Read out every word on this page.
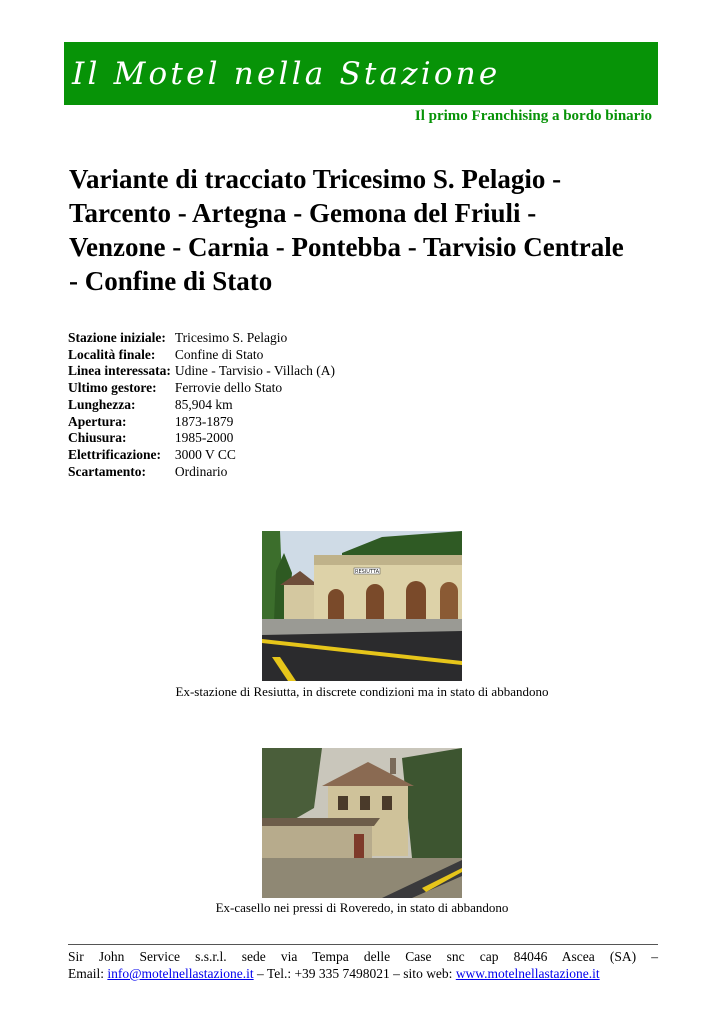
Il Motel nella Stazione
Il primo Franchising a bordo binario
Variante di tracciato Tricesimo S. Pelagio - Tarcento - Artegna - Gemona del Friuli - Venzone - Carnia - Pontebba - Tarvisio Centrale - Confine di Stato
Stazione iniziale:	Tricesimo S. Pelagio
Località finale:	Confine di Stato
Linea interessata:	Udine - Tarvisio - Villach (A)
Ultimo gestore:	Ferrovie dello Stato
Lunghezza:	85,904 km
Apertura:	1873-1879
Chiusura:	1985-2000
Elettrificazione:	3000 V CC
Scartamento:	Ordinario
RESIUTTA
Ex-stazione di Resiutta, in discrete condizioni ma in stato di abbandono
Ex-casello nei pressi di Roveredo, in stato di abbandono
Sir John Service s.s.r.l. sede via Tempa delle Case snc cap 84046 Ascea (SA) –
Email: info@motelnellastazione.it – Tel.: +39 335 7498021 – sito web: www.motelnellastazione.it
